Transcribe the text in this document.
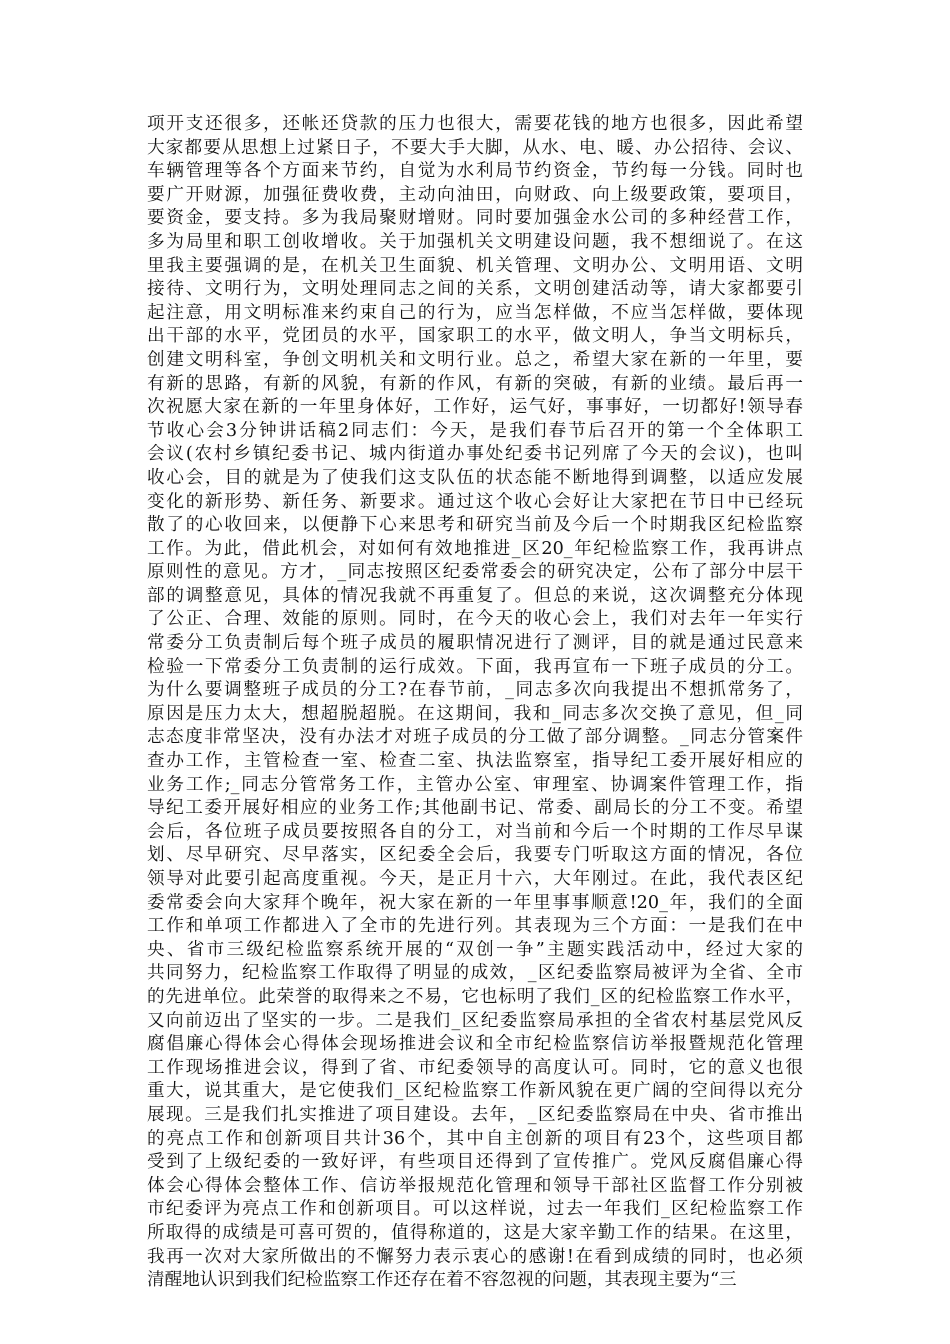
项开支还很多，还帐还贷款的压力也很大，需要花钱的地方也很多，因此希望
大家都要从思想上过紧日子，不要大手大脚，从水、电、暖、办公招待、会议、
车辆管理等各个方面来节约，自觉为水利局节约资金，节约每一分钱。同时也
要广开财源，加强征费收费，主动向油田，向财政、向上级要政策，要项目，
要资金，要支持。多为我局聚财增财。同时要加强金水公司的多种经营工作，
多为局里和职工创收增收。关于加强机关文明建设问题，我不想细说了。在这
里我主要强调的是，在机关卫生面貌、机关管理、文明办公、文明用语、文明
接待、文明行为，文明处理同志之间的关系，文明创建活动等，请大家都要引
起注意，用文明标准来约束自己的行为，应当怎样做，不应当怎样做，要体现
出干部的水平，党团员的水平，国家职工的水平，做文明人，争当文明标兵，
创建文明科室，争创文明机关和文明行业。总之，希望大家在新的一年里，要
有新的思路，有新的风貌，有新的作风，有新的突破，有新的业绩。最后再一
次祝愿大家在新的一年里身体好，工作好，运气好，事事好，一切都好!领导春
节收心会3分钟讲话稿2同志们：今天，是我们春节后召开的第一个全体职工
会议(农村乡镇纪委书记、城内街道办事处纪委书记列席了今天的会议)，也叫
收心会，目的就是为了使我们这支队伍的状态能不断地得到调整，以适应发展
变化的新形势、新任务、新要求。通过这个收心会好让大家把在节日中已经玩
散了的心收回来，以便静下心来思考和研究当前及今后一个时期我区纪检监察
工作。为此，借此机会，对如何有效地推进_区20_年纪检监察工作，我再讲点
原则性的意见。方才，_同志按照区纪委常委会的研究决定，公布了部分中层干
部的调整意见，具体的情况我就不再重复了。但总的来说，这次调整充分体现
了公正、合理、效能的原则。同时，在今天的收心会上，我们对去年一年实行
常委分工负责制后每个班子成员的履职情况进行了测评，目的就是通过民意来
检验一下常委分工负责制的运行成效。下面，我再宣布一下班子成员的分工。
为什么要调整班子成员的分工?在春节前，_同志多次向我提出不想抓常务了，
原因是压力太大，想超脱超脱。在这期间，我和_同志多次交换了意见，但_同
志态度非常坚决，没有办法才对班子成员的分工做了部分调整。_同志分管案件
查办工作，主管检查一室、检查二室、执法监察室，指导纪工委开展好相应的
业务工作;_同志分管常务工作，主管办公室、审理室、协调案件管理工作，指
导纪工委开展好相应的业务工作;其他副书记、常委、副局长的分工不变。希望
会后，各位班子成员要按照各自的分工，对当前和今后一个时期的工作尽早谋
划、尽早研究、尽早落实，区纪委全会后，我要专门听取这方面的情况，各位
领导对此要引起高度重视。今天，是正月十六，大年刚过。在此，我代表区纪
委常委会向大家拜个晚年，祝大家在新的一年里事事顺意!20_年，我们的全面
工作和单项工作都进入了全市的先进行列。其表现为三个方面：一是我们在中
央、省市三级纪检监察系统开展的“双创一争”主题实践活动中，经过大家的
共同努力，纪检监察工作取得了明显的成效，_区纪委监察局被评为全省、全市
的先进单位。此荣誉的取得来之不易，它也标明了我们_区的纪检监察工作水平，
又向前迈出了坚实的一步。二是我们_区纪委监察局承担的全省农村基层党风反
腐倡廉心得体会心得体会现场推进会议和全市纪检监察信访举报暨规范化管理
工作现场推进会议，得到了省、市纪委领导的高度认可。同时，它的意义也很
重大，说其重大，是它使我们_区纪检监察工作新风貌在更广阔的空间得以充分
展现。三是我们扎实推进了项目建设。去年，_区纪委监察局在中央、省市推出
的亮点工作和创新项目共计36个，其中自主创新的项目有23个，这些项目都
受到了上级纪委的一致好评，有些项目还得到了宣传推广。党风反腐倡廉心得
体会心得体会整体工作、信访举报规范化管理和领导干部社区监督工作分别被
市纪委评为亮点工作和创新项目。可以这样说，过去一年我们_区纪检监察工作
所取得的成绩是可喜可贺的，值得称道的，这是大家辛勤工作的结果。在这里，
我再一次对大家所做出的不懈努力表示衷心的感谢!在看到成绩的同时，也必须
清醒地认识到我们纪检监察工作还存在着不容忽视的问题，其表现主要为“三
